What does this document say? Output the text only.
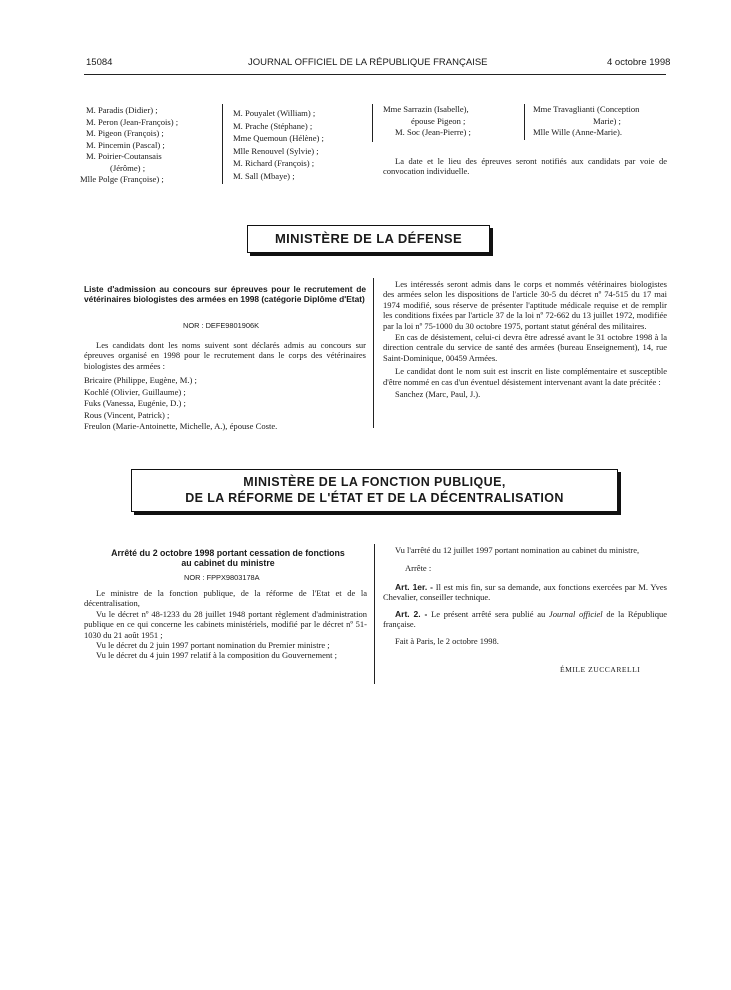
15084	JOURNAL OFFICIEL DE LA RÉPUBLIQUE FRANÇAISE	4 octobre 1998
M. Paradis (Didier) ;
M. Peron (Jean-François) ;
M. Pigeon (François) ;
M. Pincemin (Pascal) ;
M. Poirier-Coutansais
(Jérôme) ;
Mlle Polge (Françoise) ;
M. Pouyalet (William) ;
M. Prache (Stéphane) ;
Mme Quemoun (Hélène) ;
Mlle Renouvel (Sylvie) ;
M. Richard (François) ;
M. Sall (Mbaye) ;
Mme Sarrazin (Isabelle),
épouse Pigeon ;
M. Soc (Jean-Pierre) ;
Mme Travaglianti (Conception
Marie) ;
Mlle Wille (Anne-Marie).

La date et le lieu des épreuves seront notifiés aux candidats par voie de convocation individuelle.

MINISTÈRE DE LA DÉFENSE
Liste d'admission au concours sur épreuves pour le recrutement de vétérinaires biologistes des armées en 1998 (catégorie Diplôme d'Etat)
NOR : DEFE9801906K

Les candidats dont les noms suivent sont déclarés admis au concours sur épreuves organisé en 1998 pour le recrutement dans le corps des vétérinaires biologistes des armées :

Bricaire (Philippe, Eugène, M.) ;
Kochlé (Olivier, Guillaume) ;
Fuks (Vanessa, Eugénie, D.) ;
Rous (Vincent, Patrick) ;
Freulon (Marie-Antoinette, Michelle, A.), épouse Coste.

Les intéressés seront admis dans le corps et nommés vétérinaires biologistes des armées selon les dispositions de l'article 30-5 du décret nº 74-515 du 17 mai 1974 modifié, sous réserve de présenter l'aptitude médicale requise et de remplir les conditions fixées par l'article 37 de la loi nº 72-662 du 13 juillet 1972, modifiée par la loi nº 75-1000 du 30 octobre 1975, portant statut général des militaires.

En cas de désistement, celui-ci devra être adressé avant le 31 octobre 1998 à la direction centrale du service de santé des armées (bureau Enseignement), 14, rue Saint-Dominique, 00459 Armées.

Le candidat dont le nom suit est inscrit en liste complémentaire et susceptible d'être nommé en cas d'un éventuel désistement intervenant avant la date précitée :

Sanchez (Marc, Paul, J.).

MINISTÈRE DE LA FONCTION PUBLIQUE,
DE LA RÉFORME DE L'ÉTAT ET DE LA DÉCENTRALISATION
Arrêté du 2 octobre 1998 portant cessation de fonctions au cabinet du ministre
NOR : FPPX9803178A

Le ministre de la fonction publique, de la réforme de l'Etat et de la décentralisation,

Vu le décret nº 48-1233 du 28 juillet 1948 portant règlement d'administration publique en ce qui concerne les cabinets ministériels, modifié par le décret nº 51-1030 du 21 août 1951 ;

Vu le décret du 2 juin 1997 portant nomination du Premier ministre ;

Vu le décret du 4 juin 1997 relatif à la composition du Gouvernement ;

Vu l'arrêté du 12 juillet 1997 portant nomination au cabinet du ministre,

Arrête :

Art. 1er. - Il est mis fin, sur sa demande, aux fonctions exercées par M. Yves Chevalier, conseiller technique.

Art. 2. - Le présent arrêté sera publié au Journal officiel de la République française.

Fait à Paris, le 2 octobre 1998.

ÉMILE ZUCCARELLI
